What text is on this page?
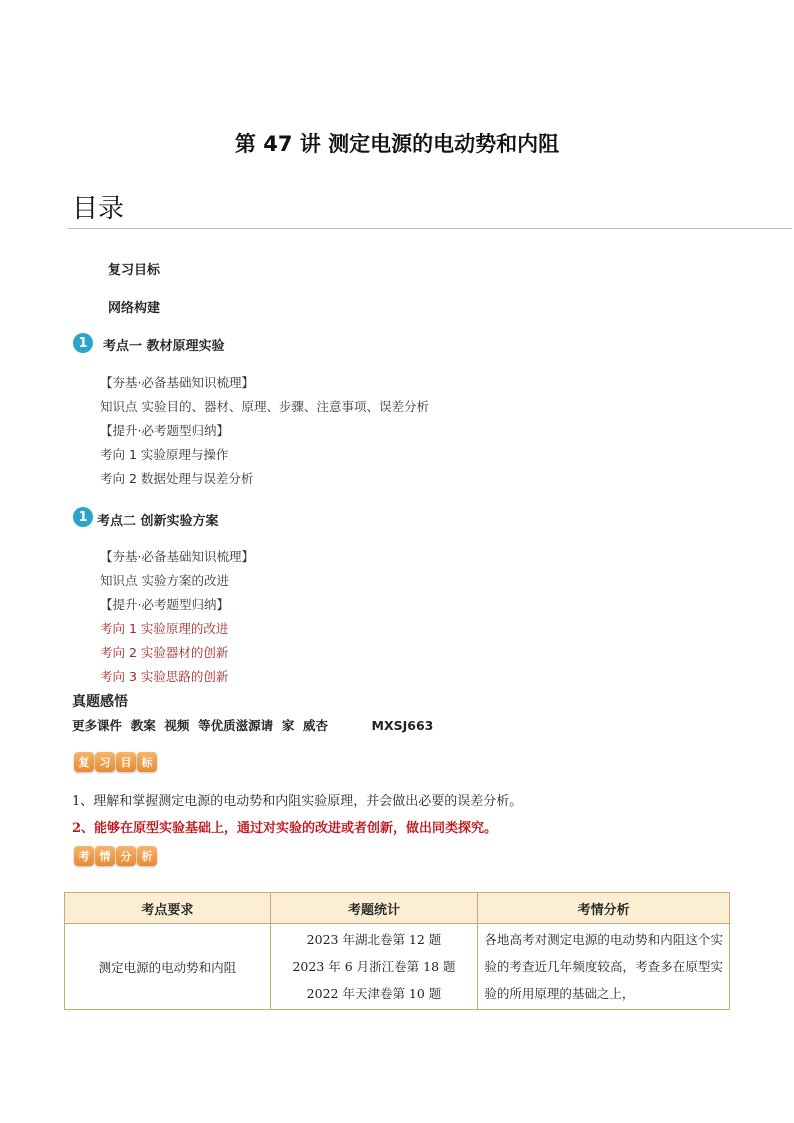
第 47 讲 测定电源的电动势和内阻
目录
复习目标
网络构建
1	考点一 教材原理实验
【夯基·必备基础知识梳理】
知识点 实验目的、器材、原理、步骤、注意事项、误差分析
【提升·必考题型归纳】
考向 1 实验原理与操作
考向 2 数据处理与误差分析
1 考点二 创新实验方案
【夯基·必备基础知识梳理】
知识点 实验方案的改进
【提升·必考题型归纳】
考向 1 实验原理的改进
考向 2 实验器材的创新
考向 3 实验思路的创新
真题感悟
更多课件  教案  视频  等优质滋源请  家  威杏          MXSJ663
复 习 目 标
1、理解和掌握测定电源的电动势和内阻实验原理，并会做出必要的误差分析。
2、能够在原型实验基础上，通过对实验的改进或者创新，做出同类探究。
考 情 分 析
考点要求	考题统计	考情分析
测定电源的电动势和内阻	2023 年湖北卷第 12 题
2023 年 6 月浙江卷第 18 题
2022 年天津卷第 10 题	各地高考对测定电源的电动势和内阻这个实验的考查近几年频度较高，考查多在原型实验的所用原理的基础之上，
